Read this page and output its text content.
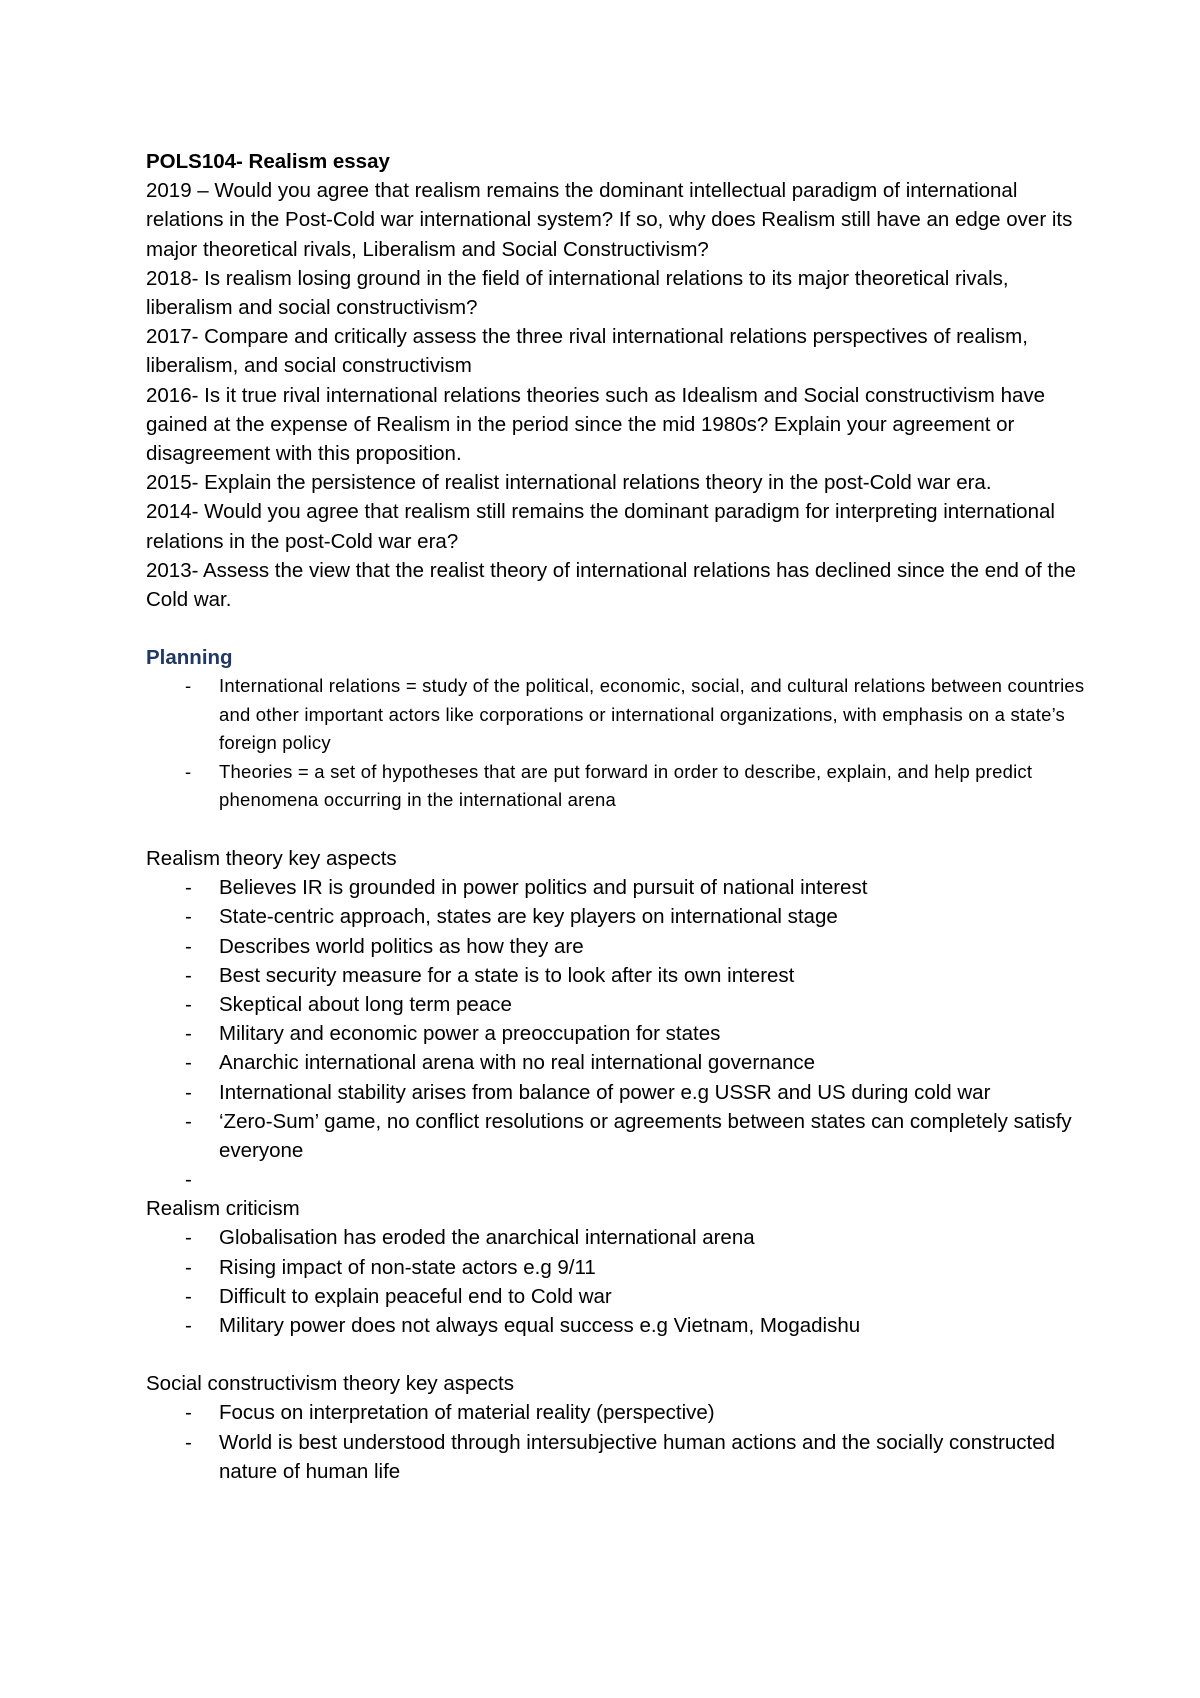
POLS104- Realism essay
2019 – Would you agree that realism remains the dominant intellectual paradigm of international relations in the Post-Cold war international system? If so, why does Realism still have an edge over its major theoretical rivals, Liberalism and Social Constructivism?
2018- Is realism losing ground in the field of international relations to its major theoretical rivals, liberalism and social constructivism?
2017- Compare and critically assess the three rival international relations perspectives of realism, liberalism, and social constructivism
2016- Is it true rival international relations theories such as Idealism and Social constructivism have gained at the expense of Realism in the period since the mid 1980s? Explain your agreement or disagreement with this proposition.
2015- Explain the persistence of realist international relations theory in the post-Cold war era.
2014- Would you agree that realism still remains the dominant paradigm for interpreting international relations in the post-Cold war era?
2013- Assess the view that the realist theory of international relations has declined since the end of the Cold war.
Planning
- International relations = study of the political, economic, social, and cultural relations between countries and other important actors like corporations or international organizations, with emphasis on a state’s foreign policy
- Theories = a set of hypotheses that are put forward in order to describe, explain, and help predict phenomena occurring in the international arena
Realism theory key aspects
- Believes IR is grounded in power politics and pursuit of national interest
- State-centric approach, states are key players on international stage
- Describes world politics as how they are
- Best security measure for a state is to look after its own interest
- Skeptical about long term peace
- Military and economic power a preoccupation for states
- Anarchic international arena with no real international governance
- International stability arises from balance of power e.g USSR and US during cold war
- ‘Zero-Sum’ game, no conflict resolutions or agreements between states can completely satisfy everyone
-
Realism criticism
- Globalisation has eroded the anarchical international arena
- Rising impact of non-state actors e.g 9/11
- Difficult to explain peaceful end to Cold war
- Military power does not always equal success e.g Vietnam, Mogadishu
Social constructivism theory key aspects
- Focus on interpretation of material reality (perspective)
- World is best understood through intersubjective human actions and the socially constructed nature of human life
